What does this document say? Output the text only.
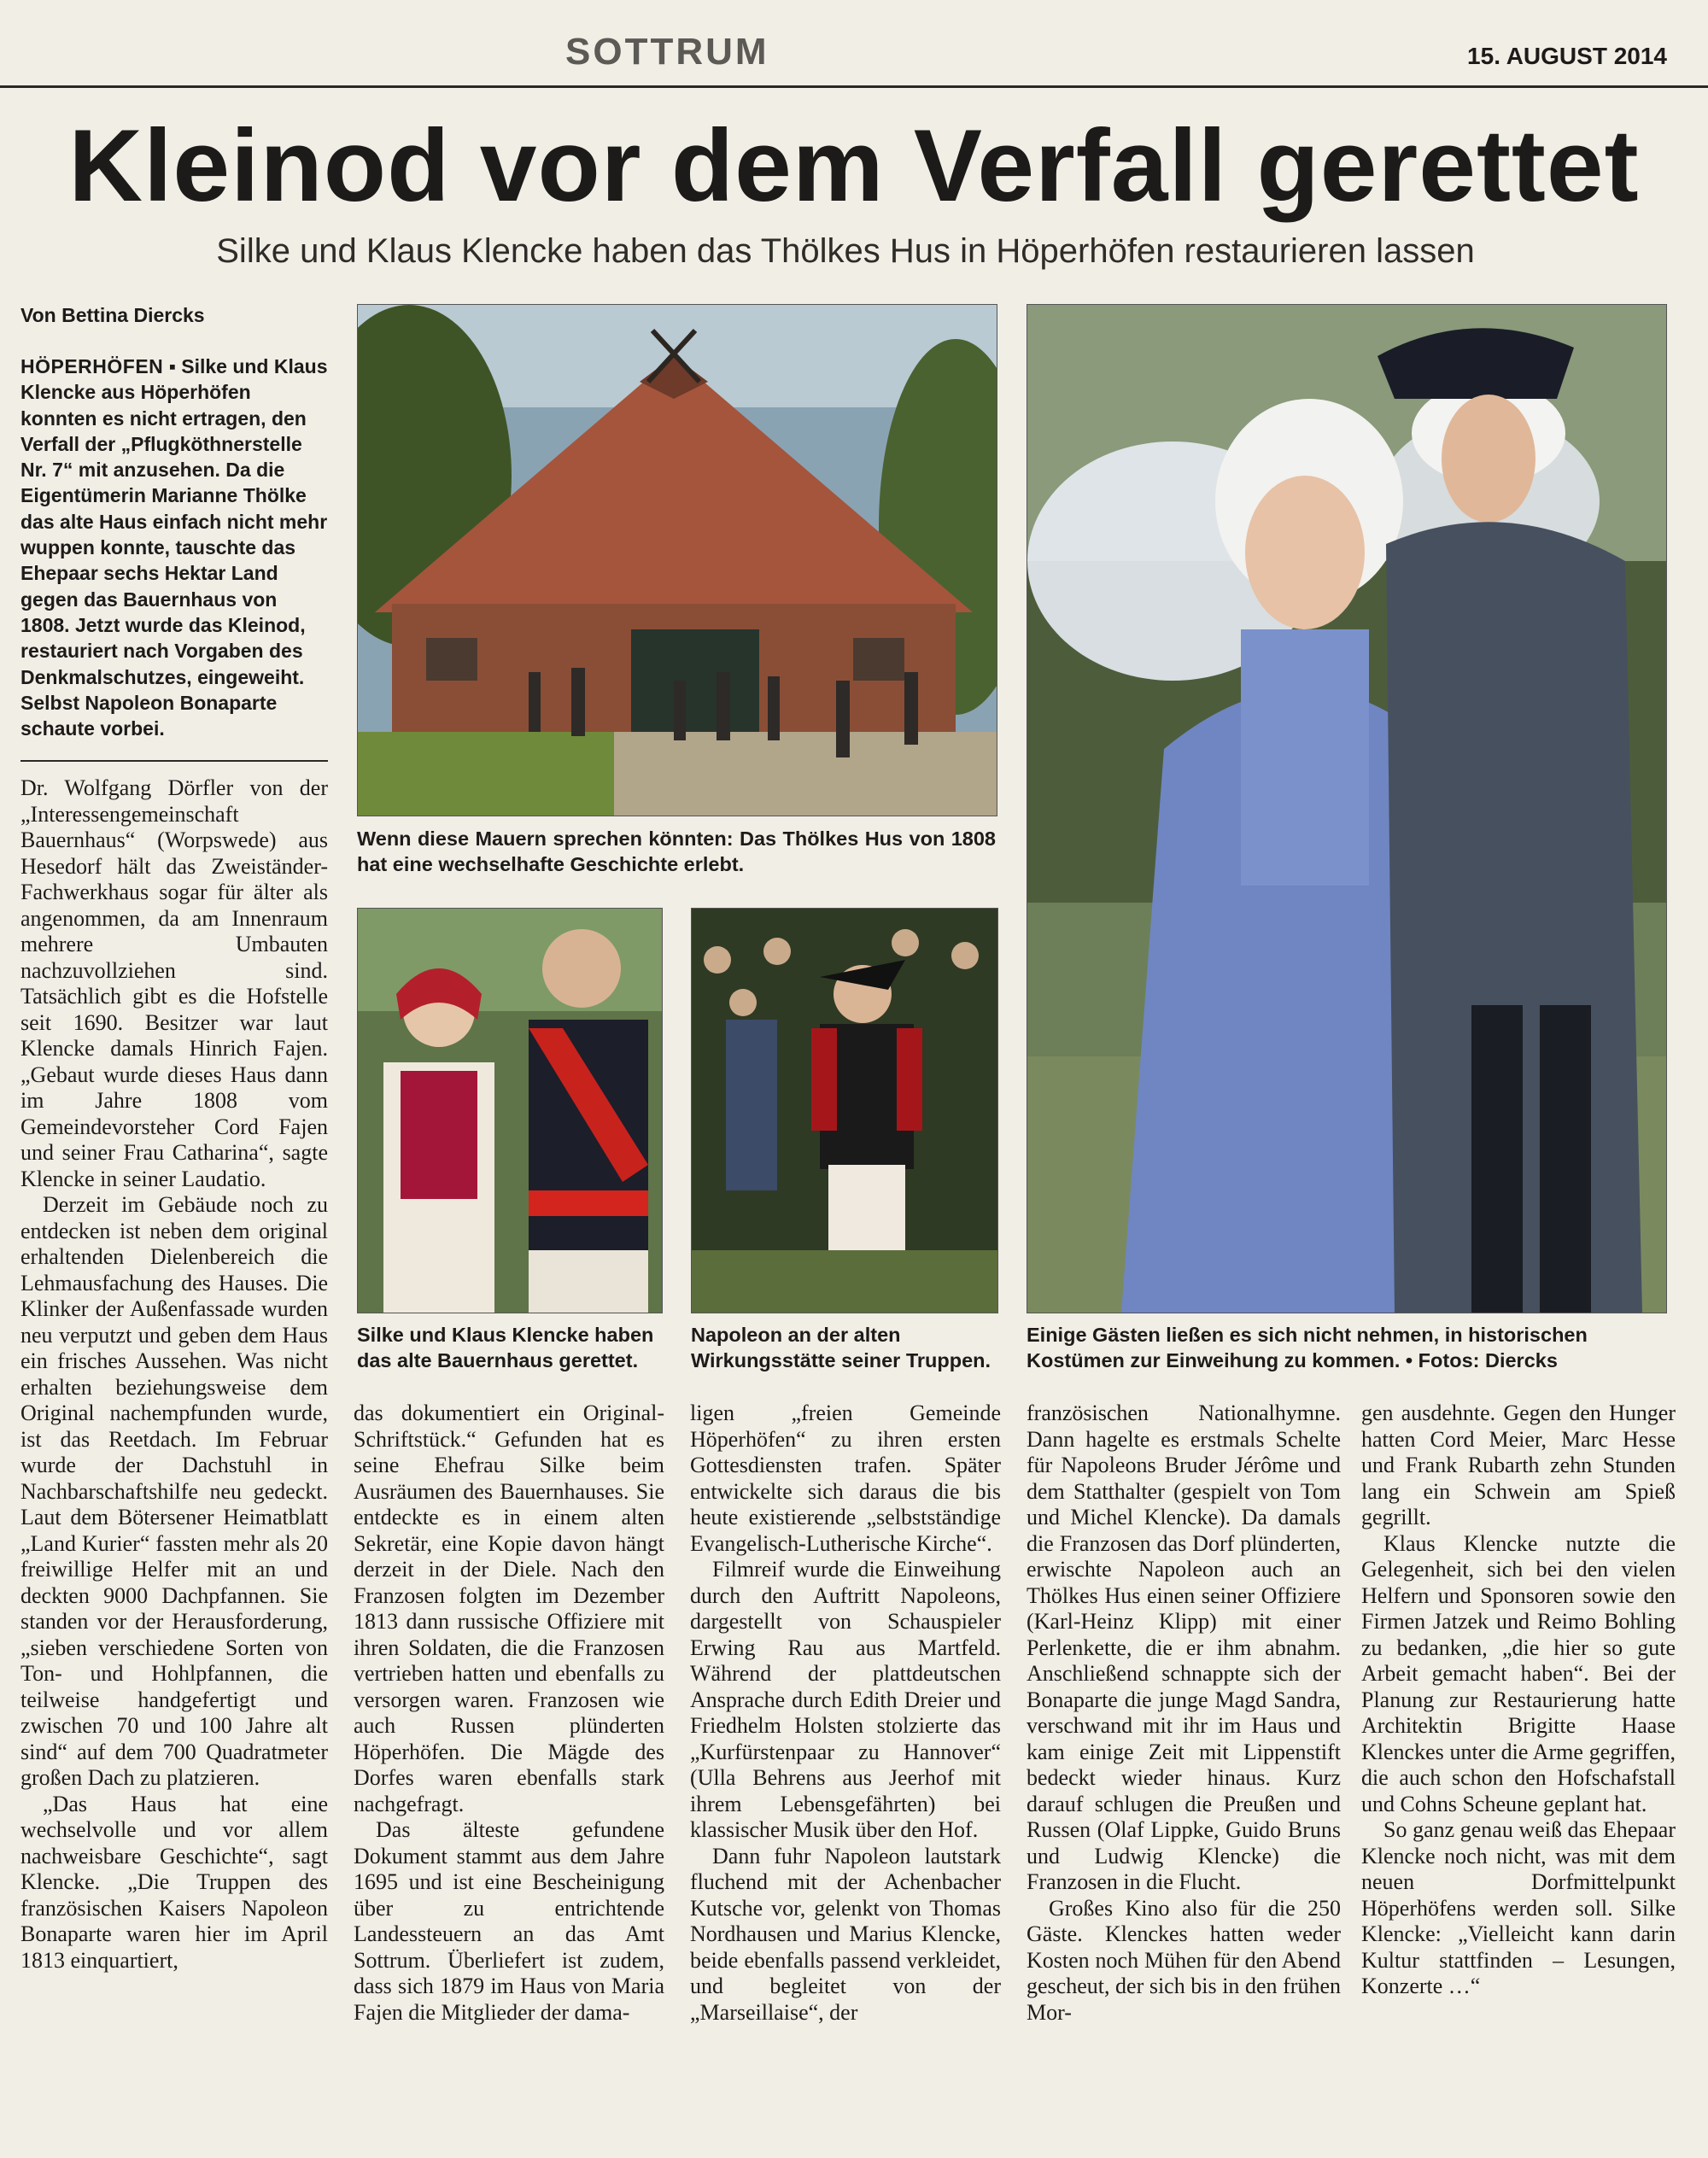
SOTTRUM	15. AUGUST 2014
Kleinod vor dem Verfall gerettet
Silke und Klaus Klencke haben das Thölkes Hus in Höperhöfen restaurieren lassen
Von Bettina Diercks
HÖPERHÖFEN ▪ Silke und Klaus Klencke aus Höperhöfen konnten es nicht ertragen, den Verfall der „Pflugköthnerstelle Nr. 7“ mit anzusehen. Da die Eigentümerin Marianne Thölke das alte Haus einfach nicht mehr wuppen konnte, tauschte das Ehepaar sechs Hektar Land gegen das Bauernhaus von 1808. Jetzt wurde das Kleinod, restauriert nach Vorgaben des Denkmalschutzes, eingeweiht. Selbst Napoleon Bonaparte schaute vorbei.

Dr. Wolfgang Dörfler von der „Interessengemeinschaft Bauernhaus“ (Worpswede) aus Hesedorf hält das Zweiständer-Fachwerkhaus sogar für älter als angenommen, da am Innenraum mehrere Umbauten nachzuvollziehen sind. Tatsächlich gibt es die Hofstelle seit 1690. Besitzer war laut Klencke damals Hinrich Fajen. „Gebaut wurde dieses Haus dann im Jahre 1808 vom Gemeindevorsteher Cord Fajen und seiner Frau Catharina“, sagte Klencke in seiner Laudatio.

Derzeit im Gebäude noch zu entdecken ist neben dem original erhaltenden Dielenbereich die Lehmausfachung des Hauses. Die Klinker der Außenfassade wurden neu verputzt und geben dem Haus ein frisches Aussehen. Was nicht erhalten beziehungsweise dem Original nachempfunden wurde, ist das Reetdach. Im Februar wurde der Dachstuhl in Nachbarschaftshilfe neu gedeckt. Laut dem Bötersener Heimatblatt „Land Kurier“ fassten mehr als 20 freiwillige Helfer mit an und deckten 9000 Dachpfannen. Sie standen vor der Herausforderung, „sieben verschiedene Sorten von Ton- und Hohlpfannen, die teilweise handgefertigt und zwischen 70 und 100 Jahre alt sind“ auf dem 700 Quadratmeter großen Dach zu platzieren.

„Das Haus hat eine wechselvolle und vor allem nachweisbare Geschichte“, sagt Klencke. „Die Truppen des französischen Kaisers Napoleon Bonaparte waren hier im April 1813 einquartiert,

das dokumentiert ein Original-Schriftstück.“ Gefunden hat es seine Ehefrau Silke beim Ausräumen des Bauernhauses. Sie entdeckte es in einem alten Sekretär, eine Kopie davon hängt derzeit in der Diele. Nach den Franzosen folgten im Dezember 1813 dann russische Offiziere mit ihren Soldaten, die die Franzosen vertrieben hatten und ebenfalls zu versorgen waren. Franzosen wie auch Russen plünderten Höperhöfen. Die Mägde des Dorfes waren ebenfalls stark nachgefragt.

Das älteste gefundene Dokument stammt aus dem Jahre 1695 und ist eine Bescheinigung über zu entrichtende Landessteuern an das Amt Sottrum. Überliefert ist zudem, dass sich 1879 im Haus von Maria Fajen die Mitglieder der dama-

ligen „freien Gemeinde Höperhöfen“ zu ihren ersten Gottesdiensten trafen. Später entwickelte sich daraus die bis heute existierende „selbstständige Evangelisch-Lutherische Kirche“.

Filmreif wurde die Einweihung durch den Auftritt Napoleons, dargestellt von Schauspieler Erwing Rau aus Martfeld. Während der plattdeutschen Ansprache durch Edith Dreier und Friedhelm Holsten stolzierte das „Kurfürstenpaar zu Hannover“ (Ulla Behrens aus Jeerhof mit ihrem Lebensgefährten) bei klassischer Musik über den Hof.

Dann fuhr Napoleon lautstark fluchend mit der Achenbacher Kutsche vor, gelenkt von Thomas Nordhausen und Marius Klencke, beide ebenfalls passend verkleidet, und begleitet von der „Marseillaise“, der

französischen Nationalhymne. Dann hagelte es erstmals Schelte für Napoleons Bruder Jérôme und dem Statthalter (gespielt von Tom und Michel Klencke). Da damals die Franzosen das Dorf plünderten, erwischte Napoleon auch an Thölkes Hus einen seiner Offiziere (Karl-Heinz Klipp) mit einer Perlenkette, die er ihm abnahm. Anschließend schnappte sich der Bonaparte die junge Magd Sandra, verschwand mit ihr im Haus und kam einige Zeit mit Lippenstift bedeckt wieder hinaus. Kurz darauf schlugen die Preußen und Russen (Olaf Lippke, Guido Bruns und Ludwig Klencke) die Franzosen in die Flucht.

Großes Kino also für die 250 Gäste. Klenckes hatten weder Kosten noch Mühen für den Abend gescheut, der sich bis in den frühen Mor-

gen ausdehnte. Gegen den Hunger hatten Cord Meier, Marc Hesse und Frank Rubarth zehn Stunden lang ein Schwein am Spieß gegrillt.

Klaus Klencke nutzte die Gelegenheit, sich bei den vielen Helfern und Sponsoren sowie den Firmen Jatzek und Reimo Bohling zu bedanken, „die hier so gute Arbeit gemacht haben“. Bei der Planung zur Restaurierung hatte Architektin Brigitte Haase Klenckes unter die Arme gegriffen, die auch schon den Hofschafstall und Cohns Scheune geplant hat.

So ganz genau weiß das Ehepaar Klencke noch nicht, was mit dem neuen Dorfmittelpunkt Höperhöfens werden soll. Silke Klencke: „Vielleicht kann darin Kultur stattfinden – Lesungen, Konzerte …“

Wenn diese Mauern sprechen könnten: Das Thölkes Hus von 1808 hat eine wechselhafte Geschichte erlebt.
Silke und Klaus Klencke haben das alte Bauernhaus gerettet.
Napoleon an der alten Wirkungsstätte seiner Truppen.
Einige Gästen ließen es sich nicht nehmen, in historischen Kostümen zur Einweihung zu kommen. • Fotos: Diercks
